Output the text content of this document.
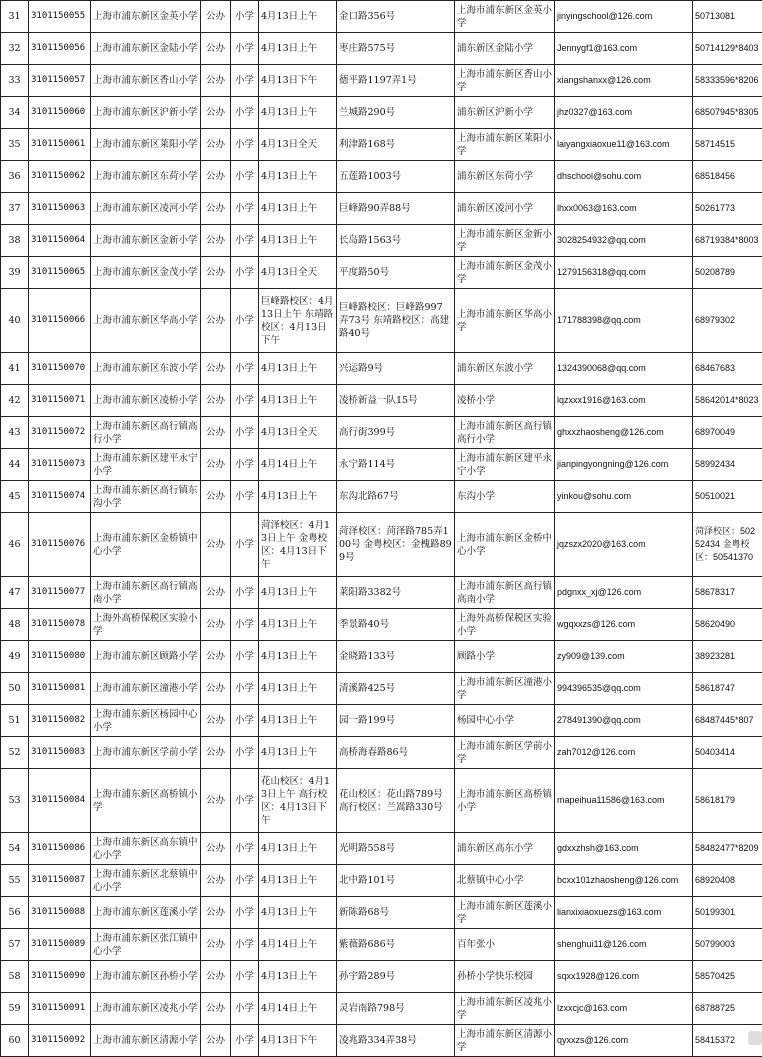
31	3101150055	上海市浦东新区金英小学	公办	小学	4月13日上午	金口路356号	上海市浦东新区金英小学	jinyingschool@126.com	50713081
32	3101150056	上海市浦东新区金陆小学	公办	小学	4月13日上午	枣庄路575号	浦东新区金陆小学	Jennygf1@163.com	50714129*8403
33	3101150057	上海市浦东新区香山小学	公办	小学	4月13日下午	德平路1197弄1号	上海市浦东新区香山小学	xiangshanxx@126.com	58333596*8206
34	3101150060	上海市浦东新区沪新小学	公办	小学	4月13日上午	兰城路290号	浦东新区沪新小学	jhz0327@163.com	68507945*8305
35	3101150061	上海市浦东新区莱阳小学	公办	小学	4月13日全天	利津路168号	上海市浦东新区莱阳小学	laiyangxiaoxue11@163.com	58714515
36	3101150062	上海市浦东新区东荷小学	公办	小学	4月13日上午	五莲路1003号	浦东新区东荷小学	dhschool@sohu.com	68518456
37	3101150063	上海市浦东新区凌河小学	公办	小学	4月13日上午	巨峰路90弄88号	浦东新区凌河小学	lhxx0063@163.com	50261773
38	3101150064	上海市浦东新区金新小学	公办	小学	4月13日上午	长岛路1563号	上海市浦东新区金新小学	3028254932@qq.com	68719384*8003
39	3101150065	上海市浦东新区金茂小学	公办	小学	4月13日全天	平度路50号	上海市浦东新区金茂小学	1279156318@qq.com	50208789
40	3101150066	上海市浦东新区华高小学	公办	小学	巨峰路校区：4月13日上午 东靖路校区：4月13日下午	巨峰路校区：巨峰路997弄73号 东靖路校区：高建路40号	上海市浦东新区华高小学	171788398@qq.com	68979302
41	3101150070	上海市浦东新区东波小学	公办	小学	4月13日上午	兴运路9号	浦东新区东波小学	1324390068@qq.com	68467683
42	3101150071	上海市浦东新区凌桥小学	公办	小学	4月13日上午	凌桥新益一队15号	凌桥小学	lqzxxx1916@163.com	58642014*8023
43	3101150072	上海市浦东新区高行镇高行小学	公办	小学	4月13日全天	高行街399号	上海市浦东新区高行镇高行小学	ghxxzhaosheng@126.com	68970049
44	3101150073	上海市浦东新区建平永宁小学	公办	小学	4月14日上午	永宁路114号	上海市浦东新区建平永宁小学	jianpingyongning@126.com	58992434
45	3101150074	上海市浦东新区高行镇东沟小学	公办	小学	4月13日上午	东沟北路67号	东沟小学	yinkou@sohu.com	50510021
46	3101150076	上海市浦东新区金桥镇中心小学	公办	小学	菏泽校区：4月13日上午 金粤校区：4月13日下午	菏泽校区：菏泽路785弄100号 金粤校区：金槐路899号	上海市浦东新区金桥中心小学	jqzszx2020@163.com	菏泽校区：50252434 金粤校区：50541370
47	3101150077	上海市浦东新区高行镇高南小学	公办	小学	4月13日上午	莱阳路3382号	上海市浦东新区高行镇高南小学	pdgnxx_xj@126.com	58678317
48	3101150078	上海外高桥保税区实验小学	公办	小学	4月13日上午	季景路40号	上海外高桥保税区实验小学	wgqxxzs@126.com	58620490
49	3101150080	上海市浦东新区顾路小学	公办	小学	4月13日上午	金晓路133号	顾路小学	zy909@139.com	38923281
50	3101150081	上海市浦东新区潼港小学	公办	小学	4月13日上午	清溪路425号	上海市浦东新区潼港小学	994396535@qq.com	58618747
51	3101150082	上海市浦东新区杨园中心小学	公办	小学	4月13日上午	园一路199号	杨园中心小学	278491390@qq.com	68487445*807
52	3101150083	上海市浦东新区学前小学	公办	小学	4月13日上午	高桥海春路86号	上海市浦东新区学前小学	zah7012@126.com	50403414
53	3101150084	上海市浦东新区高桥镇小学	公办	小学	花山校区：4月13日上午 高行校区：4月13日下午	花山校区：花山路789号 高行校区：兰嵩路330号	上海市浦东新区高桥镇小学	mapeihua11586@163.com	58618179
54	3101150086	上海市浦东新区高东镇中心小学	公办	小学	4月13日上午	光明路558号	浦东新区高东小学	gdxxzhsh@163.com	58482477*8209
55	3101150087	上海市浦东新区北蔡镇中心小学	公办	小学	4月13日上午	北中路101号	北蔡镇中心小学	bcxx101zhaosheng@126.com	68920408
56	3101150088	上海市浦东新区莲溪小学	公办	小学	4月13日上午	新陈路68号	上海市浦东新区莲溪小学	lianxixiaoxuezs@163.com	50199301
57	3101150089	上海市浦东新区张江镇中心小学	公办	小学	4月14日上午	紫薇路686号	百年张小	shenghui11@126.com	50799003
58	3101150090	上海市浦东新区孙桥小学	公办	小学	4月13日上午	孙宇路289号	孙桥小学快乐校园	sqxx1928@126.com	58570425
59	3101150091	上海市浦东新区凌兆小学	公办	小学	4月14日上午	灵岩南路798号	上海市浦东新区凌兆小学	lzxxcjc@163.com	68788725
60	3101150092	上海市浦东新区清源小学	公办	小学	4月13日下午	凌兆路334弄38号	上海市浦东新区清源小学	qyxxzs@126.com	58415372
